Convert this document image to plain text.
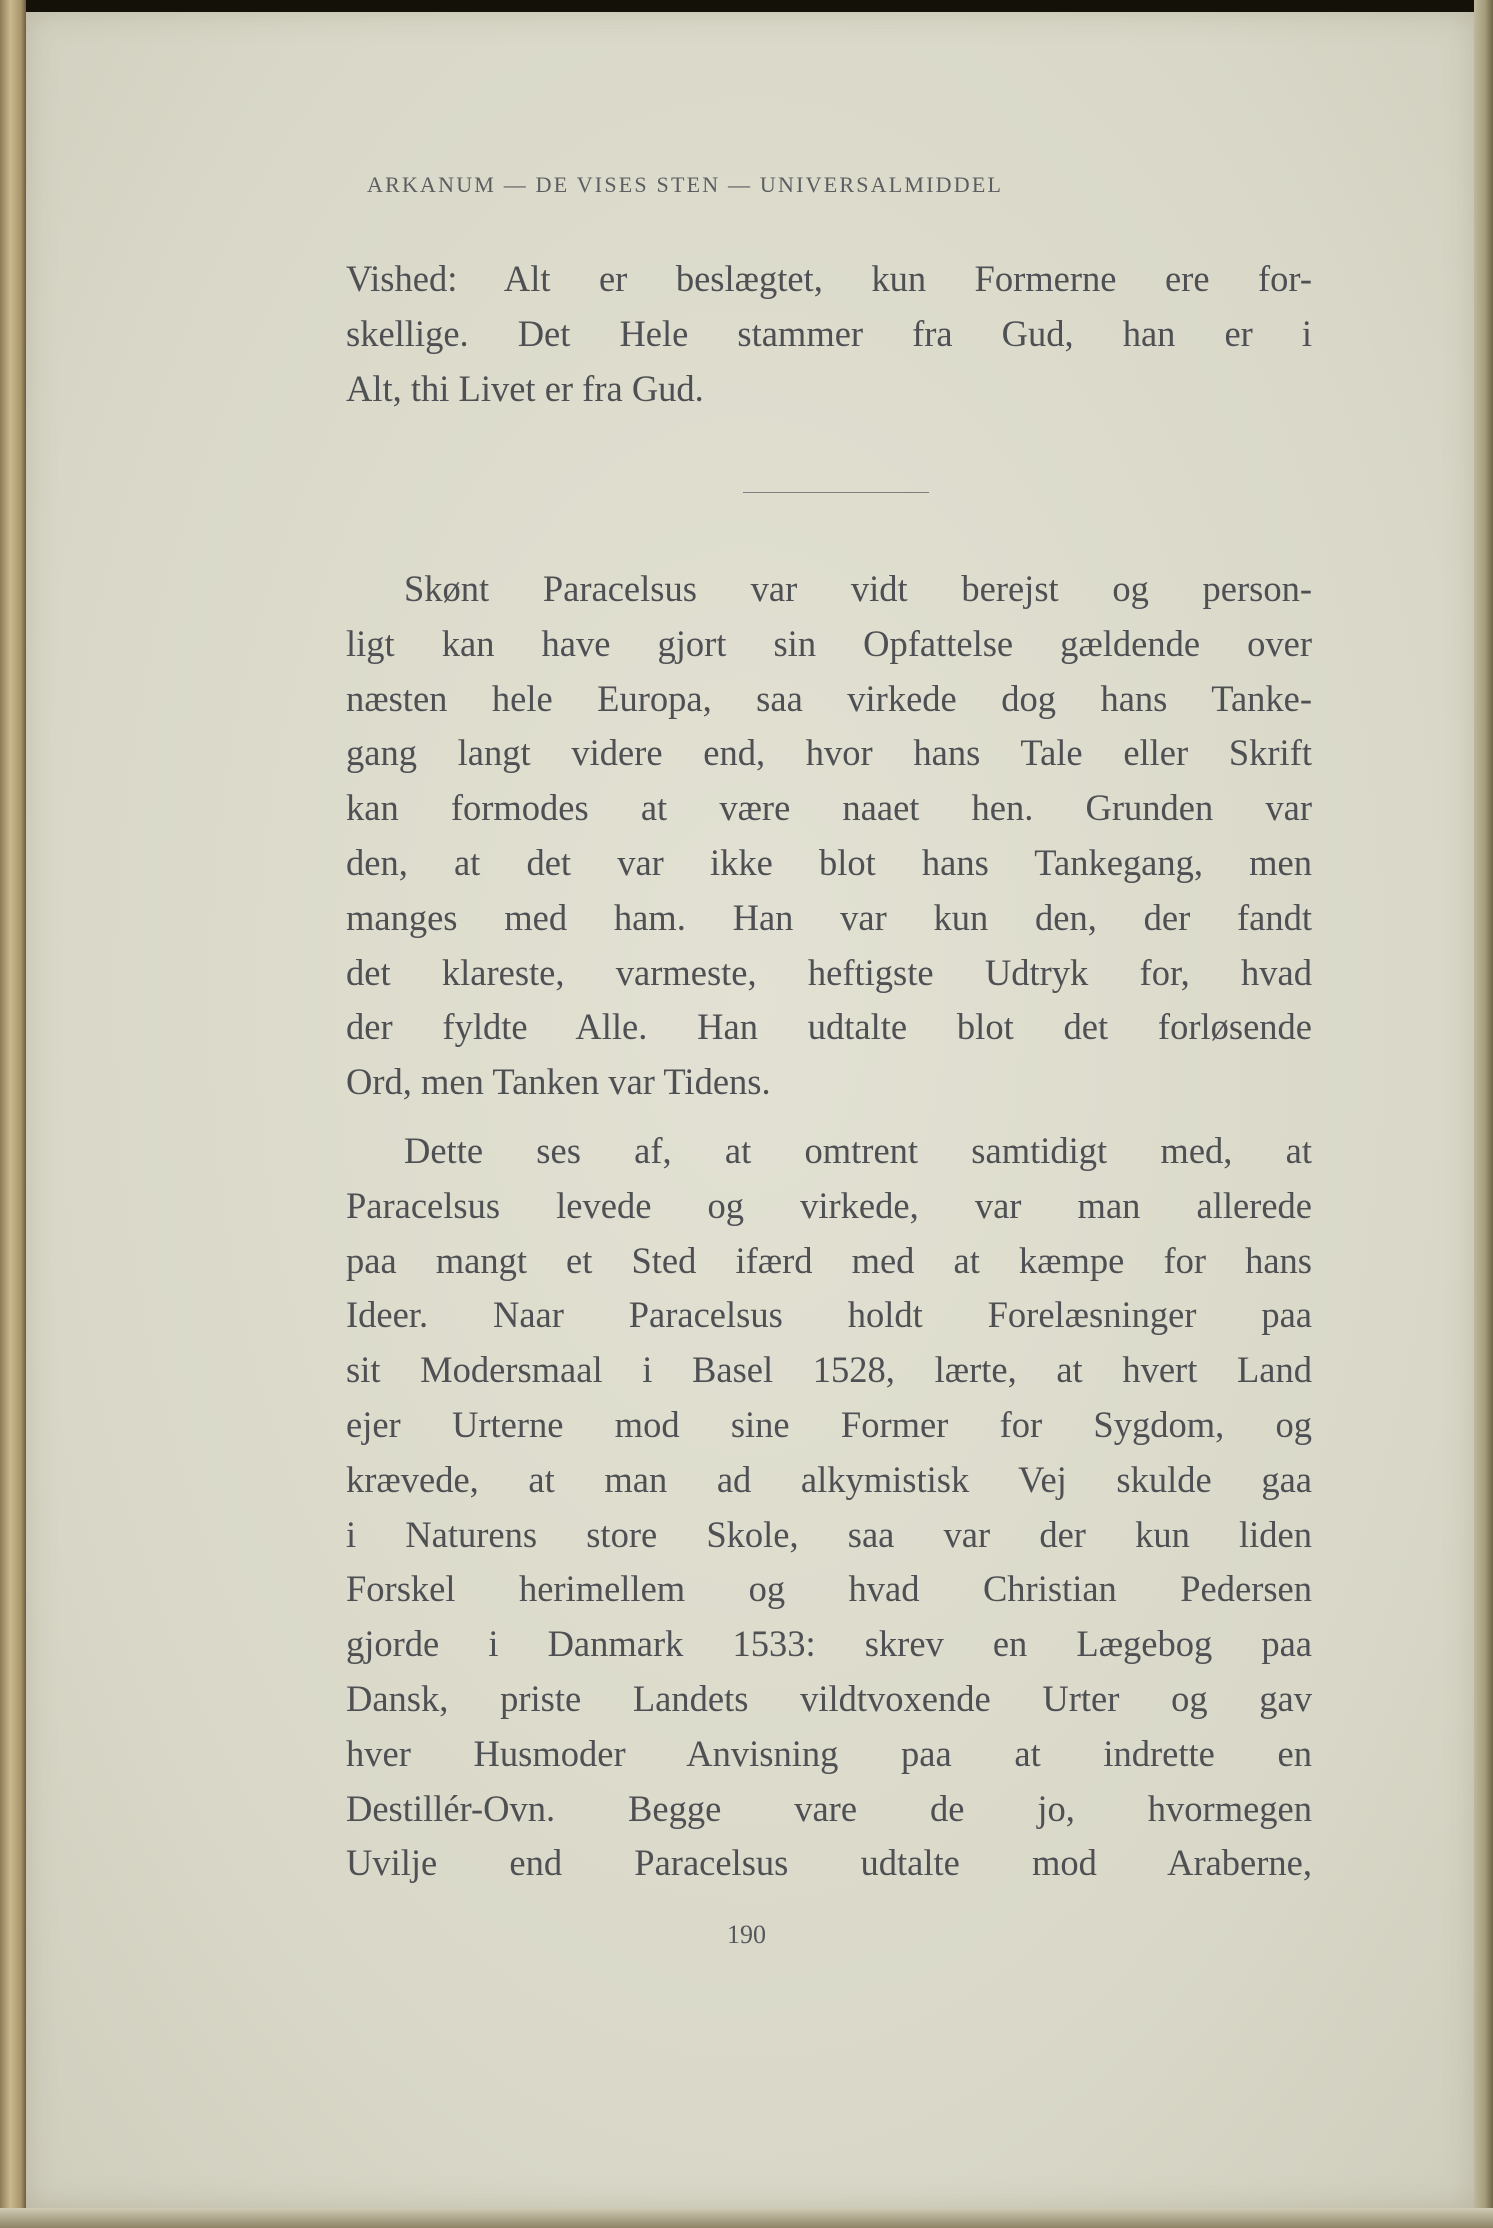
ARKANUM — DE VISES STEN — UNIVERSALMIDDEL
Vished: Alt er beslægtet, kun Formerne ere for-
skellige. Det Hele stammer fra Gud, han er i
Alt, thi Livet er fra Gud.
Skønt Paracelsus var vidt berejst og person-
ligt kan have gjort sin Opfattelse gældende over
næsten hele Europa, saa virkede dog hans Tanke-
gang langt videre end, hvor hans Tale eller Skrift
kan formodes at være naaet hen. Grunden var
den, at det var ikke blot hans Tankegang, men
manges med ham. Han var kun den, der fandt
det klareste, varmeste, heftigste Udtryk for, hvad
der fyldte Alle. Han udtalte blot det forløsende
Ord, men Tanken var Tidens.
Dette ses af, at omtrent samtidigt med, at
Paracelsus levede og virkede, var man allerede
paa mangt et Sted ifærd med at kæmpe for hans
Ideer. Naar Paracelsus holdt Forelæsninger paa
sit Modersmaal i Basel 1528, lærte, at hvert Land
ejer Urterne mod sine Former for Sygdom, og
krævede, at man ad alkymistisk Vej skulde gaa
i Naturens store Skole, saa var der kun liden
Forskel herimellem og hvad Christian Pedersen
gjorde i Danmark 1533: skrev en Lægebog paa
Dansk, priste Landets vildtvoxende Urter og gav
hver Husmoder Anvisning paa at indrette en
Destillér-Ovn. Begge vare de jo, hvormegen
Uvilje end Paracelsus udtalte mod Araberne,
190
